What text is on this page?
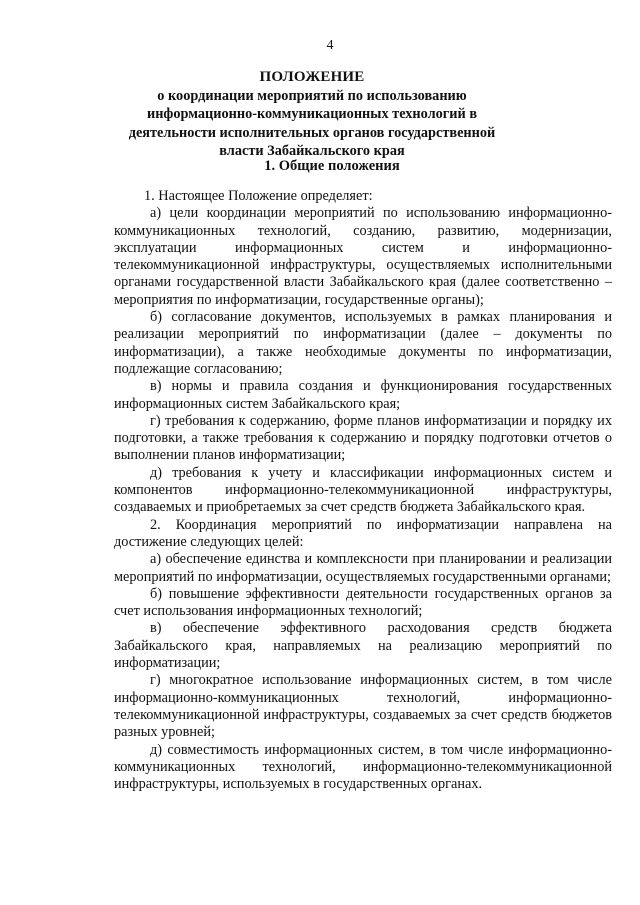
4
ПОЛОЖЕНИЕ
о координации мероприятий по использованию информационно-коммуникационных технологий в деятельности исполнительных органов государственной власти Забайкальского края
1. Общие положения

1. Настоящее Положение определяет:

а) цели координации мероприятий по использованию информационно-коммуникационных технологий, созданию, развитию, модернизации, эксплуатации информационных систем и информационно-телекоммуникационной инфраструктуры, осуществляемых исполнительными органами государственной власти Забайкальского края (далее соответственно – мероприятия по информатизации, государственные органы);

б) согласование документов, используемых в рамках планирования и реализации мероприятий по информатизации (далее – документы по информатизации), а также необходимые документы по информатизации, подлежащие согласованию;

в) нормы и правила создания и функционирования государственных информационных систем Забайкальского края;

г) требования к содержанию, форме планов информатизации и порядку их подготовки, а также требования к содержанию и порядку подготовки отчетов о выполнении планов информатизации;

д) требования к учету и классификации информационных систем и компонентов информационно-телекоммуникационной инфраструктуры, создаваемых и приобретаемых за счет средств бюджета Забайкальского края.

2. Координация мероприятий по информатизации направлена на достижение следующих целей:

а) обеспечение единства и комплексности при планировании и реализации мероприятий по информатизации, осуществляемых государственными органами;

б) повышение эффективности деятельности государственных органов за счет использования информационных технологий;

в) обеспечение эффективного расходования средств бюджета Забайкальского края, направляемых на реализацию мероприятий по информатизации;

г) многократное использование информационных систем, в том числе информационно-коммуникационных технологий, информационно-телекоммуникационной инфраструктуры, создаваемых за счет средств бюджетов разных уровней;

д) совместимость информационных систем, в том числе информационно-коммуникационных технологий, информационно-телекоммуникационной инфраструктуры, используемых в государственных органах.
